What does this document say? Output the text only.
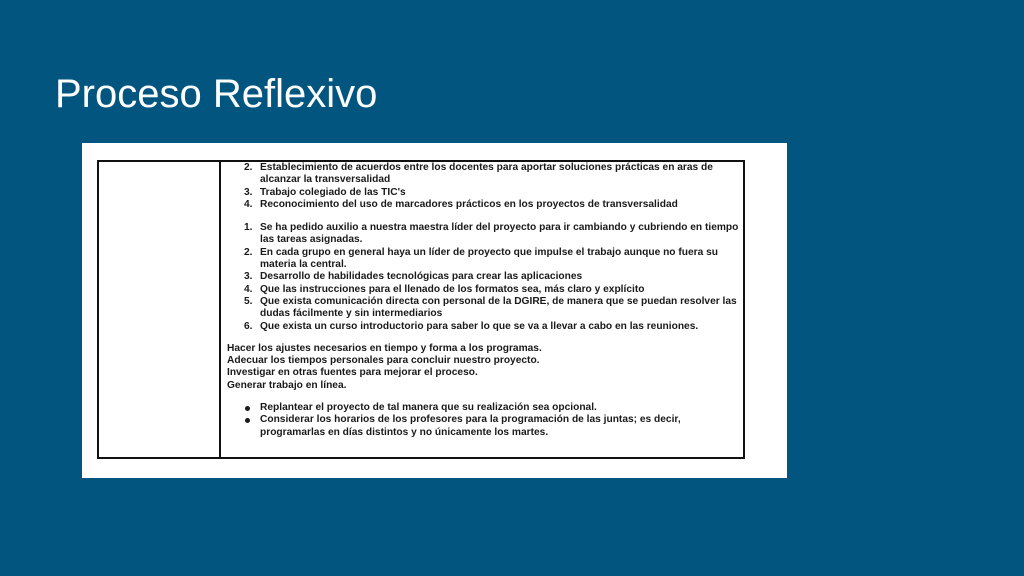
Proceso Reflexivo
2. Establecimiento de acuerdos entre los docentes para aportar soluciones prácticas en aras de alcanzar la transversalidad
3. Trabajo colegiado de las TIC's
4. Reconocimiento del uso de marcadores prácticos en los proyectos de transversalidad
1. Se ha pedido auxilio a nuestra maestra líder del proyecto para ir cambiando y cubriendo en tiempo las tareas asignadas.
2. En cada grupo en general haya un líder de proyecto que impulse el trabajo aunque no fuera su materia la central.
3. Desarrollo de habilidades tecnológicas para crear las aplicaciones
4. Que las instrucciones para el llenado de los formatos sea, más claro y explícito
5. Que exista comunicación directa con personal de la DGIRE, de manera que se puedan resolver las dudas fácilmente y sin intermediarios
6. Que exista un curso introductorio para saber lo que se va a llevar a cabo en las reuniones.
Hacer los ajustes necesarios en tiempo y forma a los programas.
Adecuar los tiempos personales para concluir nuestro proyecto.
Investigar en otras fuentes para mejorar el proceso.
Generar trabajo en línea.
Replantear el proyecto de tal manera que su realización sea opcional.
Considerar los horarios de los profesores para la programación de las juntas; es decir, programarlas en días distintos y no únicamente los martes.
